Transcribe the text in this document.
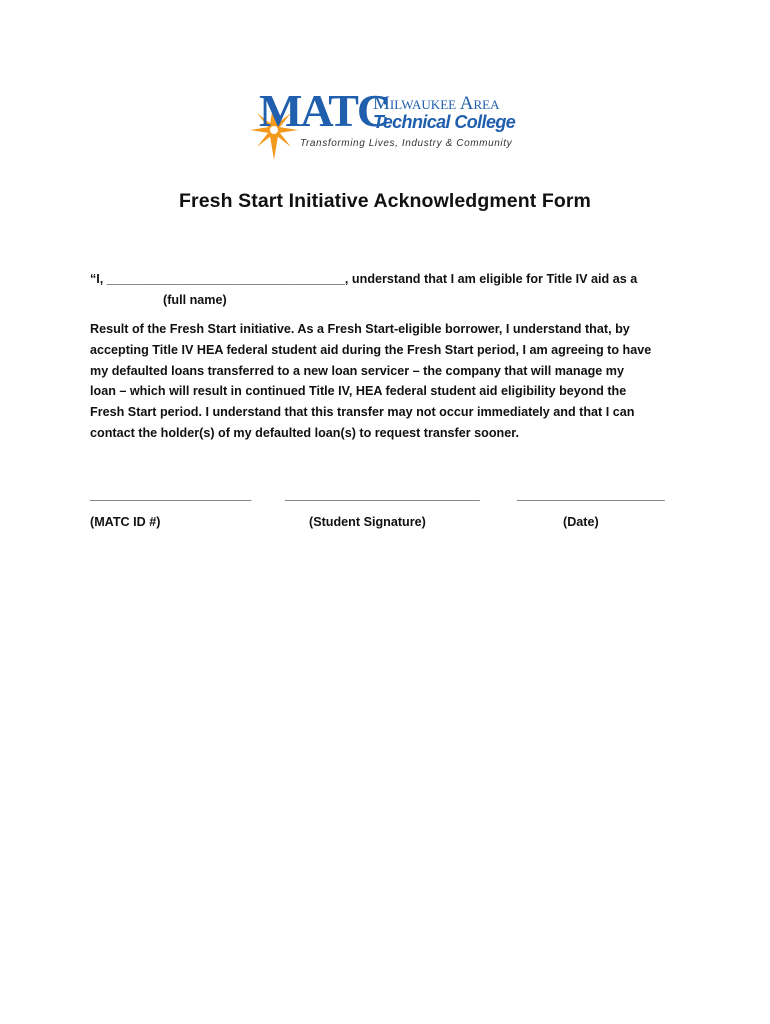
MATC
Milwaukee Area
Technical College
Transforming Lives, Industry & Community
Fresh Start Initiative Acknowledgment Form
“I, __________________________________, understand that I am eligible for Title IV aid as a
(full name)
Result of the Fresh Start initiative. As a Fresh Start-eligible borrower, I understand that, by
accepting Title IV HEA federal student aid during the Fresh Start period, I am agreeing to have
my defaulted loans transferred to a new loan servicer – the company that will manage my
loan – which will result in continued Title IV, HEA federal student aid eligibility beyond the
Fresh Start period. I understand that this transfer may not occur immediately and that I can
contact the holder(s) of my defaulted loan(s) to request transfer sooner.
________________________	_____________________________	______________________
(MATC ID #)	(Student Signature)	(Date)
